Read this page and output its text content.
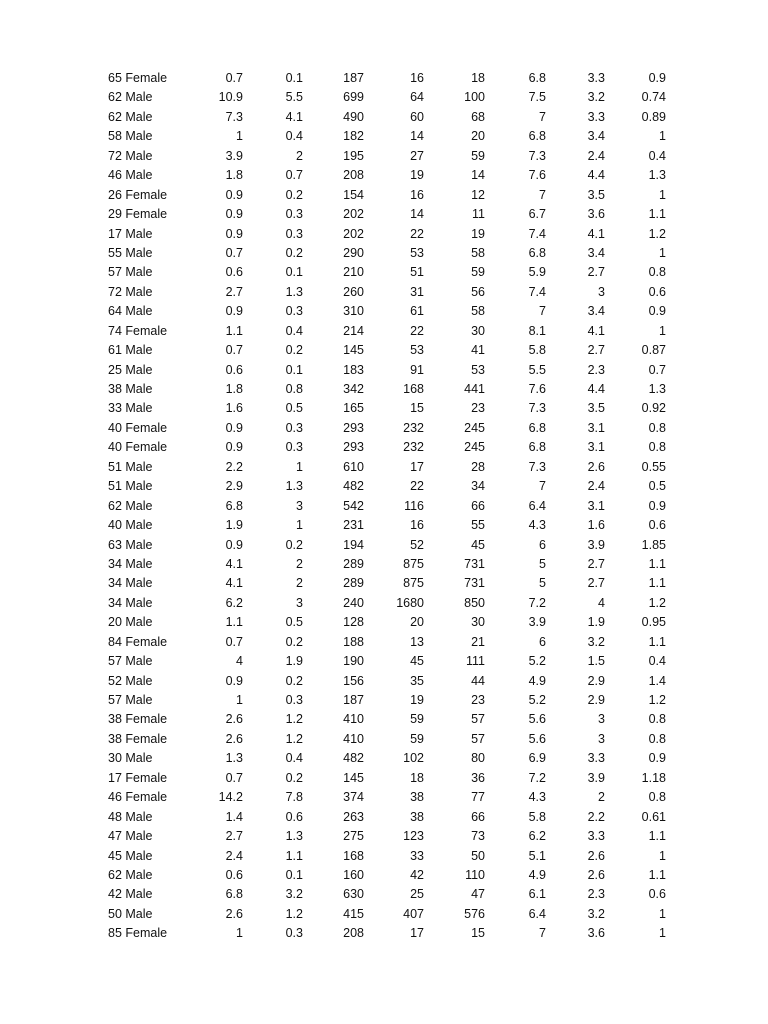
65 Female	0.7	0.1	187	16	18	6.8	3.3	0.9
62 Male	10.9	5.5	699	64	100	7.5	3.2	0.74
62 Male	7.3	4.1	490	60	68	7	3.3	0.89
58 Male	1	0.4	182	14	20	6.8	3.4	1
72 Male	3.9	2	195	27	59	7.3	2.4	0.4
46 Male	1.8	0.7	208	19	14	7.6	4.4	1.3
26 Female	0.9	0.2	154	16	12	7	3.5	1
29 Female	0.9	0.3	202	14	11	6.7	3.6	1.1
17 Male	0.9	0.3	202	22	19	7.4	4.1	1.2
55 Male	0.7	0.2	290	53	58	6.8	3.4	1
57 Male	0.6	0.1	210	51	59	5.9	2.7	0.8
72 Male	2.7	1.3	260	31	56	7.4	3	0.6
64 Male	0.9	0.3	310	61	58	7	3.4	0.9
74 Female	1.1	0.4	214	22	30	8.1	4.1	1
61 Male	0.7	0.2	145	53	41	5.8	2.7	0.87
25 Male	0.6	0.1	183	91	53	5.5	2.3	0.7
38 Male	1.8	0.8	342	168	441	7.6	4.4	1.3
33 Male	1.6	0.5	165	15	23	7.3	3.5	0.92
40 Female	0.9	0.3	293	232	245	6.8	3.1	0.8
40 Female	0.9	0.3	293	232	245	6.8	3.1	0.8
51 Male	2.2	1	610	17	28	7.3	2.6	0.55
51 Male	2.9	1.3	482	22	34	7	2.4	0.5
62 Male	6.8	3	542	116	66	6.4	3.1	0.9
40 Male	1.9	1	231	16	55	4.3	1.6	0.6
63 Male	0.9	0.2	194	52	45	6	3.9	1.85
34 Male	4.1	2	289	875	731	5	2.7	1.1
34 Male	4.1	2	289	875	731	5	2.7	1.1
34 Male	6.2	3	240	1680	850	7.2	4	1.2
20 Male	1.1	0.5	128	20	30	3.9	1.9	0.95
84 Female	0.7	0.2	188	13	21	6	3.2	1.1
57 Male	4	1.9	190	45	111	5.2	1.5	0.4
52 Male	0.9	0.2	156	35	44	4.9	2.9	1.4
57 Male	1	0.3	187	19	23	5.2	2.9	1.2
38 Female	2.6	1.2	410	59	57	5.6	3	0.8
38 Female	2.6	1.2	410	59	57	5.6	3	0.8
30 Male	1.3	0.4	482	102	80	6.9	3.3	0.9
17 Female	0.7	0.2	145	18	36	7.2	3.9	1.18
46 Female	14.2	7.8	374	38	77	4.3	2	0.8
48 Male	1.4	0.6	263	38	66	5.8	2.2	0.61
47 Male	2.7	1.3	275	123	73	6.2	3.3	1.1
45 Male	2.4	1.1	168	33	50	5.1	2.6	1
62 Male	0.6	0.1	160	42	110	4.9	2.6	1.1
42 Male	6.8	3.2	630	25	47	6.1	2.3	0.6
50 Male	2.6	1.2	415	407	576	6.4	3.2	1
85 Female	1	0.3	208	17	15	7	3.6	1
